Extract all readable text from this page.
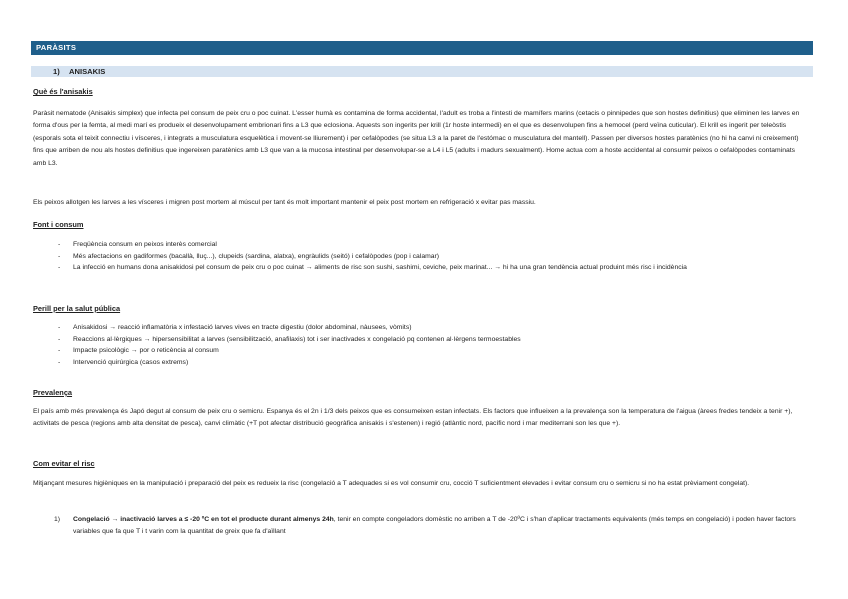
PARÀSITS
1) ANISAKIS
Què és l'anisakis
Paràsit nematode (Anisakis simplex) que infecta pel consum de peix cru o poc cuinat. L'esser humà es contamina de forma accidental, l'adult es troba a l'intesti de mamífers marins (cetacis o pinnipedes que son hostes definitius) que eliminen les larves en forma d'ous per la femta, al medi marí es produeix el desenvolupament embrionari fins a L3 que eclosiona. Aquests son ingerits per krill (1r hoste intermedi) en el que es desenvolupen fins a hemocel (perd veïna cuticular). El krill es ingerit per teleòstis (esporals sota el teixit connectiu i vísceres, i integrats a musculatura esquelètica i movent-se lliurement) i per cefalòpodes (se situa L3 a la paret de l'estómac o musculatura del mantell). Passen per diversos hostes paratènics (no hi ha canvi ni creixement) fins que arriben de nou als hostes definitius que ingereixen paratènics amb L3 que van a la mucosa intestinal per desenvolupar-se a L4 i L5 (adults i madurs sexualment). Home actua com a hoste accidental al consumir peixos o cefalòpodes contaminats amb L3.
Els peixos allotgen les larves a les vísceres i migren post mortem al múscul per tant és molt important mantenir el peix post mortem en refrigeració x evitar pas massiu.
Font i consum
- Freqüència consum en peixos interès comercial
- Més afectacions en gadiformes (bacallà, lluç...), clupeids (sardina, alatxa), engràulids (seitó) i cefalòpodes (pop i calamar)
- La infecció en humans dona anisakidosi pel consum de peix cru o poc cuinat → aliments de risc son sushi, sashimi, ceviche, peix marinat... → hi ha una gran tendència actual produint més risc i incidència
Perill per la salut pública
- Anisakidosi → reacció inflamatòria x infestació larves vives en tracte digestiu (dolor abdominal, nàusees, vòmits)
- Reaccions al·lèrgiques → hipersensibilitat a larves (sensibilització, anafilaxis) tot i ser inactivades x congelació pq contenen al·lèrgens termoestables
- Impacte psicològic → por o reticència al consum
- Intervenció quirúrgica (casos extrems)
Prevalença
El país amb més prevalença és Japó degut al consum de peix cru o semicru. Espanya és el 2n i 1/3 dels peixos que es consumeixen estan infectats. Els factors que influeixen a la prevalença son la temperatura de l'aigua (àrees fredes tendeix a tenir +), activitats de pesca (regions amb alta densitat de pesca), canvi climàtic (+T pot afectar distribució geogràfica anisakis i s'estenen) i regió (atlàntic nord, pacífic nord i mar mediterrani son les que +).
Com evitar el risc
Mitjançant mesures higièniques en la manipulació i preparació del peix es redueix la risc (congelació a T adequades si es vol consumir cru, cocció T suficientment elevades i evitar consum cru o semicru si no ha estat prèviament congelat).
1) Congelació → inactivació larves a ≤ -20 ºC en tot el producte durant almenys 24h, tenir en compte congeladors domèstic no arriben a T de -20ºC i s'han d'aplicar tractaments equivalents (més temps en congelació) i poden haver factors variables que fa que T i t varin com la quantitat de greix que fa d'aïllant
